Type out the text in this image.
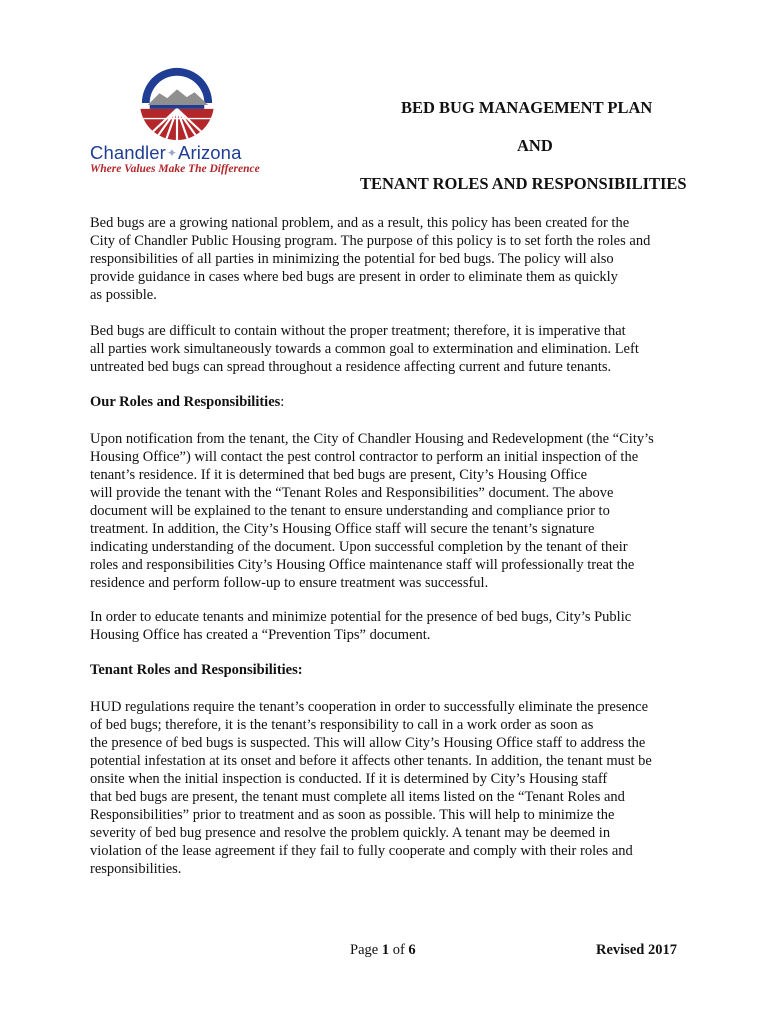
Chandler✦Arizona
Where Values Make The Difference
BED BUG MANAGEMENT PLAN
AND
TENANT ROLES AND RESPONSIBILITIES
Bed bugs are a growing national problem, and as a result, this policy has been created for the
City of Chandler Public Housing program. The purpose of this policy is to set forth the roles and
responsibilities of all parties in minimizing the potential for bed bugs. The policy will also
provide guidance in cases where bed bugs are present in order to eliminate them as quickly
as possible.
Bed bugs are difficult to contain without the proper treatment; therefore, it is imperative that
all parties work simultaneously towards a common goal to extermination and elimination. Left
untreated bed bugs can spread throughout a residence affecting current and future tenants.
Our Roles and Responsibilities:
Upon notification from the tenant, the City of Chandler Housing and Redevelopment (the “City’s
Housing Office”) will contact the pest control contractor to perform an initial inspection of the
tenant’s residence. If it is determined that bed bugs are present, City’s Housing Office
will provide the tenant with the “Tenant Roles and Responsibilities” document. The above
document will be explained to the tenant to ensure understanding and compliance prior to
treatment. In addition, the City’s Housing Office staff will secure the tenant’s signature
indicating understanding of the document. Upon successful completion by the tenant of their
roles and responsibilities City’s Housing Office maintenance staff will professionally treat the
residence and perform follow-up to ensure treatment was successful.
In order to educate tenants and minimize potential for the presence of bed bugs, City’s Public
Housing Office has created a “Prevention Tips” document.
Tenant Roles and Responsibilities:
HUD regulations require the tenant’s cooperation in order to successfully eliminate the presence
of bed bugs; therefore, it is the tenant’s responsibility to call in a work order as soon as
the presence of bed bugs is suspected. This will allow City’s Housing Office staff to address the
potential infestation at its onset and before it affects other tenants. In addition, the tenant must be
onsite when the initial inspection is conducted. If it is determined by City’s Housing staff
that bed bugs are present, the tenant must complete all items listed on the “Tenant Roles and
Responsibilities” prior to treatment and as soon as possible. This will help to minimize the
severity of bed bug presence and resolve the problem quickly. A tenant may be deemed in
violation of the lease agreement if they fail to fully cooperate and comply with their roles and
responsibilities.
Page 1 of 6	Revised 2017
